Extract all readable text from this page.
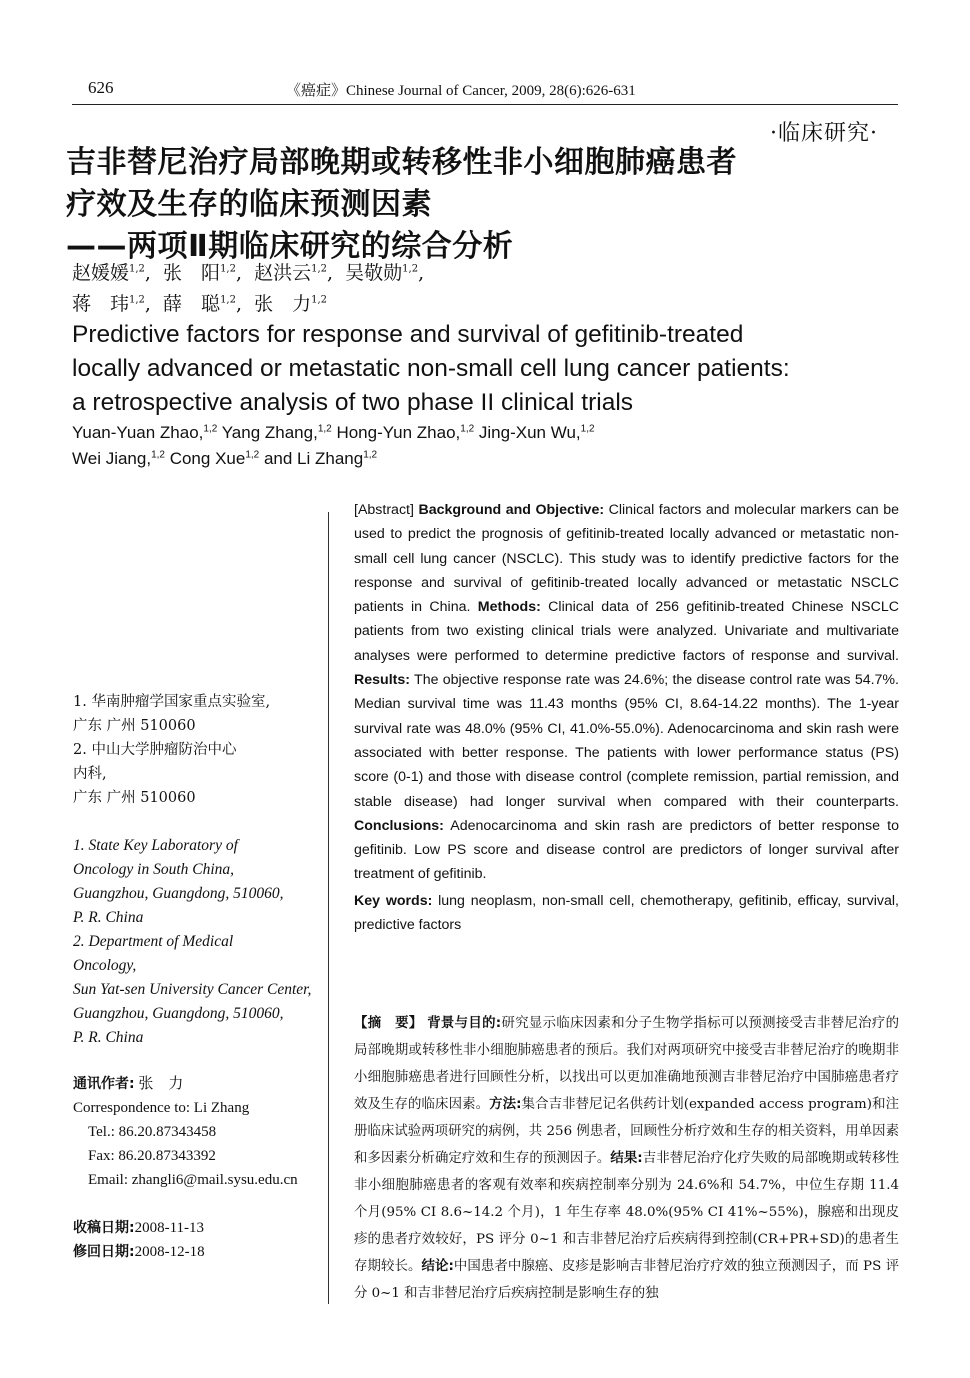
626	《癌症》Chinese Journal of Cancer, 2009, 28(6):626-631
·临床研究·
吉非替尼治疗局部晚期或转移性非小细胞肺癌患者
疗效及生存的临床预测因素
——两项Ⅱ期临床研究的综合分析
赵媛媛$^{1,2}$,  张　阳$^{1,2}$,  赵洪云$^{1,2}$,  吴敬勋$^{1,2}$,
蒋　玮$^{1,2}$,  薛　聪$^{1,2}$,  张　力$^{1,2}$
Predictive factors for response and survival of gefitinib-treated
locally advanced or metastatic non-small cell lung cancer patients:
a retrospective analysis of two phase II clinical trials
Yuan-Yuan Zhao,$^{1,2}$ Yang Zhang,$^{1,2}$ Hong-Yun Zhao,$^{1,2}$ Jing-Xun Wu,$^{1,2}$
Wei Jiang,$^{1,2}$ Cong Xue$^{1,2}$ and Li Zhang$^{1,2}$
1. 华南肿瘤学国家重点实验室,
广东 广州 510060
2. 中山大学肿瘤防治中心
内科,
广东 广州 510060
1. State Key Laboratory of
Oncology in South China,
Guangzhou, Guangdong, 510060,
P. R. China
2. Department of Medical
Oncology,
Sun Yat-sen University Cancer Center,
Guangzhou, Guangdong, 510060,
P. R. China
通讯作者: 张　力
Correspondence to: Li Zhang
Tel.: 86.20.87343458
Fax: 86.20.87343392
Email: zhangli6@mail.sysu.edu.cn
收稿日期:2008-11-13
修回日期:2008-12-18
[Abstract] Background and Objective: Clinical factors and molecular markers can be used to predict the prognosis of gefitinib-treated locally advanced or metastatic non-small cell lung cancer (NSCLC). This study was to identify predictive factors for the response and survival of gefitinib-treated locally advanced or metastatic NSCLC patients in China. Methods: Clinical data of 256 gefitinib-treated Chinese NSCLC patients from two existing clinical trials were analyzed. Univariate and multivariate analyses were performed to determine predictive factors of response and survival. Results: The objective response rate was 24.6%; the disease control rate was 54.7%. Median survival time was 11.43 months (95% CI, 8.64-14.22 months). The 1-year survival rate was 48.0% (95% CI, 41.0%-55.0%). Adenocarcinoma and skin rash were associated with better response. The patients with lower performance status (PS) score (0-1) and those with disease control (complete remission, partial remission, and stable disease) had longer survival when compared with their counterparts. Conclusions: Adenocarcinoma and skin rash are predictors of better response to gefitinib. Low PS score and disease control are predictors of longer survival after treatment of gefitinib.
Key words: lung neoplasm, non-small cell, chemotherapy, gefitinib, efficay, survival, predictive factors
【摘　要】 背景与目的:研究显示临床因素和分子生物学指标可以预测接受吉非替尼治疗的局部晚期或转移性非小细胞肺癌患者的预后。我们对两项研究中接受吉非替尼治疗的晚期非小细胞肺癌患者进行回顾性分析，以找出可以更加准确地预测吉非替尼治疗中国肺癌患者疗效及生存的临床因素。方法:集合吉非替尼记名供药计划(expanded access program)和注册临床试验两项研究的病例，共 256 例患者，回顾性分析疗效和生存的相关资料，用单因素和多因素分析确定疗效和生存的预测因子。结果:吉非替尼治疗化疗失败的局部晚期或转移性非小细胞肺癌患者的客观有效率和疾病控制率分别为 24.6%和 54.7%，中位生存期 11.4 个月(95% CI 8.6~14.2 个月)，1 年生存率 48.0%(95% CI 41%~55%)，腺癌和出现皮疹的患者疗效较好，PS 评分 0~1 和吉非替尼治疗后疾病得到控制(CR+PR+SD)的患者生存期较长。结论:中国患者中腺癌、皮疹是影响吉非替尼治疗疗效的独立预测因子，而 PS 评分 0~1 和吉非替尼治疗后疾病控制是影响生存的独
